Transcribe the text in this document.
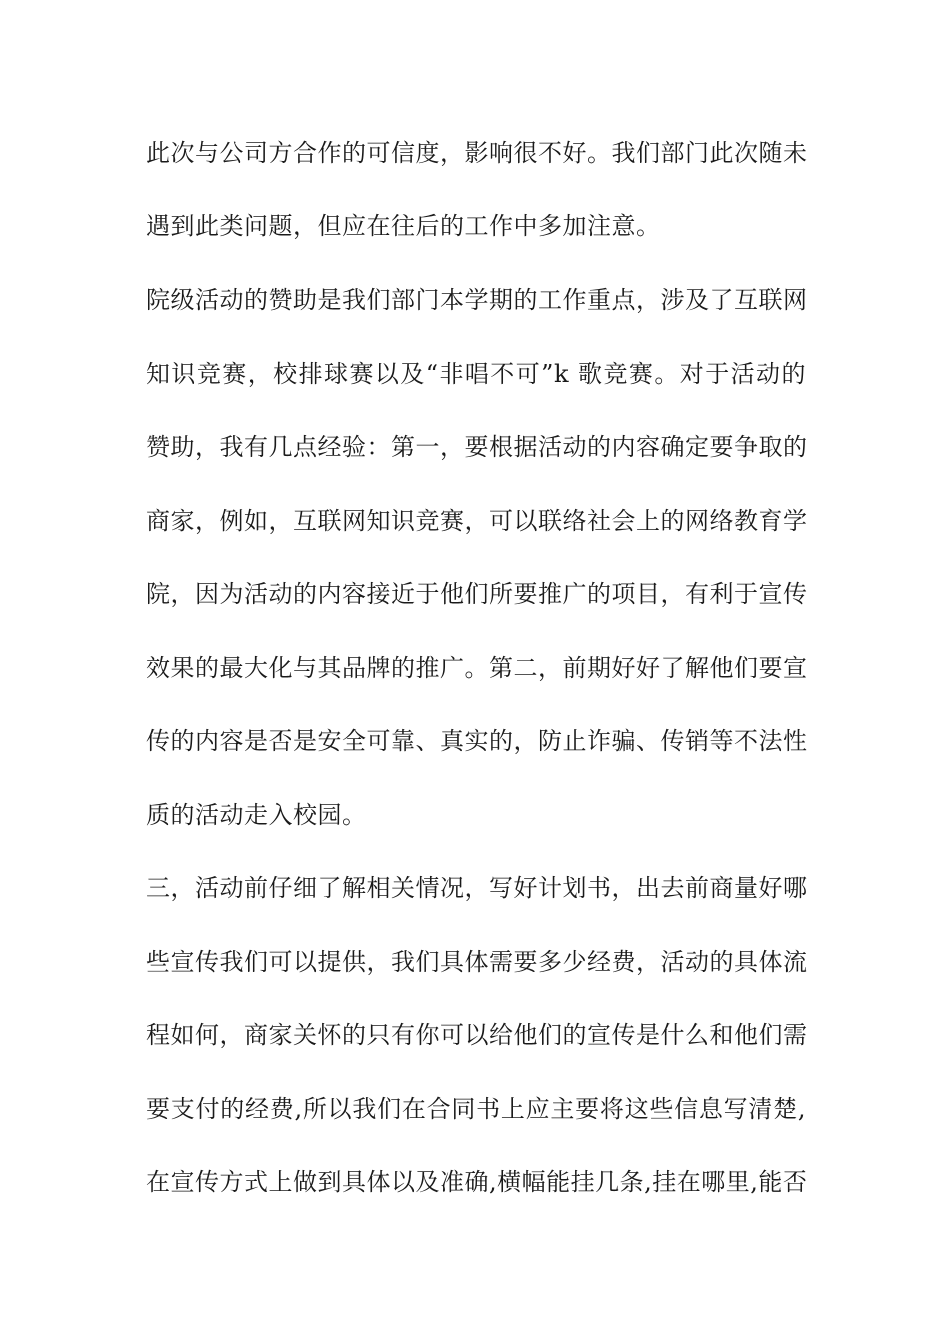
此次与公司方合作的可信度，影响很不好。我们部门此次随未

遇到此类问题，但应在往后的工作中多加注意。

院级活动的赞助是我们部门本学期的工作重点，涉及了互联网

知识竞赛，校排球赛以及“非唱不可”k 歌竞赛。对于活动的

赞助，我有几点经验：第一，要根据活动的内容确定要争取的

商家，例如，互联网知识竞赛，可以联络社会上的网络教育学

院，因为活动的内容接近于他们所要推广的项目，有利于宣传

效果的最大化与其品牌的推广。第二，前期好好了解他们要宣

传的内容是否是安全可靠、真实的，防止诈骗、传销等不法性

质的活动走入校园。

三，活动前仔细了解相关情况，写好计划书，出去前商量好哪

些宣传我们可以提供，我们具体需要多少经费，活动的具体流

程如何，商家关怀的只有你可以给他们的宣传是什么和他们需

要支付的经费,所以我们在合同书上应主要将这些信息写清楚,

在宣传方式上做到具体以及准确,横幅能挂几条,挂在哪里,能否
